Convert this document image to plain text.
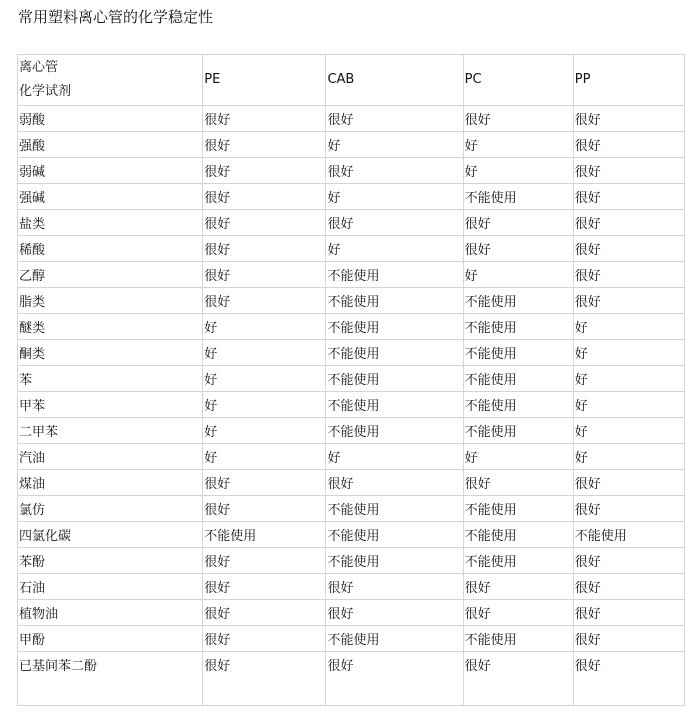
常用塑料离心管的化学稳定性
离心管
化学试剂	PE	CAB	PC	PP
弱酸	很好	很好	很好	很好
强酸	很好	好	好	很好
弱碱	很好	很好	好	很好
强碱	很好	好	不能使用	很好
盐类	很好	很好	很好	很好
稀酸	很好	好	很好	很好
乙醇	很好	不能使用	好	很好
脂类	很好	不能使用	不能使用	很好
醚类	好	不能使用	不能使用	好
酮类	好	不能使用	不能使用	好
苯	好	不能使用	不能使用	好
甲苯	好	不能使用	不能使用	好
二甲苯	好	不能使用	不能使用	好
汽油	好	好	好	好
煤油	很好	很好	很好	很好
氯仿	很好	不能使用	不能使用	很好
四氯化碳	不能使用	不能使用	不能使用	不能使用
苯酚	很好	不能使用	不能使用	很好
石油	很好	很好	很好	很好
植物油	很好	很好	很好	很好
甲酚	很好	不能使用	不能使用	很好
已基间苯二酚	很好	很好	很好	很好
